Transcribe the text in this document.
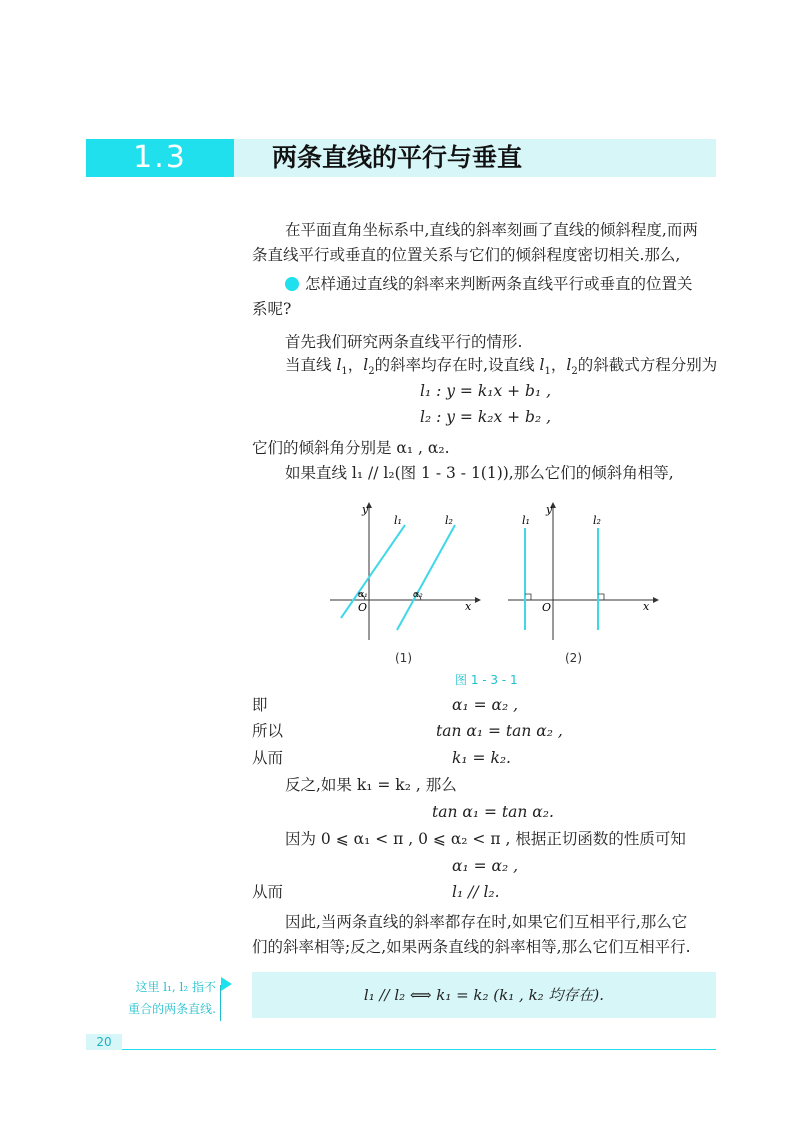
1.3	两条直线的平行与垂直
在平面直角坐标系中,直线的斜率刻画了直线的倾斜程度,而两
条直线平行或垂直的位置关系与它们的倾斜程度密切相关.那么,
怎样通过直线的斜率来判断两条直线平行或垂直的位置关
系呢?
首先我们研究两条直线平行的情形.
当直线 $l_1$，$l_2$的斜率均存在时,设直线 $l_1$，$l_2$的斜截式方程分别为
l₁ : y = k₁x + b₁ ,
l₂ : y = k₂x + b₂ ,
它们的倾斜角分别是 α₁ , α₂.
如果直线 l₁ // l₂(图 1 - 3 - 1(1)),那么它们的倾斜角相等,
y
x
O
l₁	l₂
α₁	α₂
y
x
O
l₁	l₂
(1)	(2)
图 1 - 3 - 1
即	α₁ = α₂ ,
所以	tan α₁ = tan α₂ ,
从而	k₁ = k₂.
反之,如果 k₁ = k₂ , 那么
tan α₁ = tan α₂.
因为 0 ⩽ α₁ < π , 0 ⩽ α₂ < π , 根据正切函数的性质可知
α₁ = α₂ ,
从而	l₁ // l₂.
因此,当两条直线的斜率都存在时,如果它们互相平行,那么它
们的斜率相等;反之,如果两条直线的斜率相等,那么它们互相平行.
这里 l₁, l₂ 指不
重合的两条直线.
l₁ // l₂ ⟺ k₁ = k₂ (k₁ , k₂ 均存在).
20
